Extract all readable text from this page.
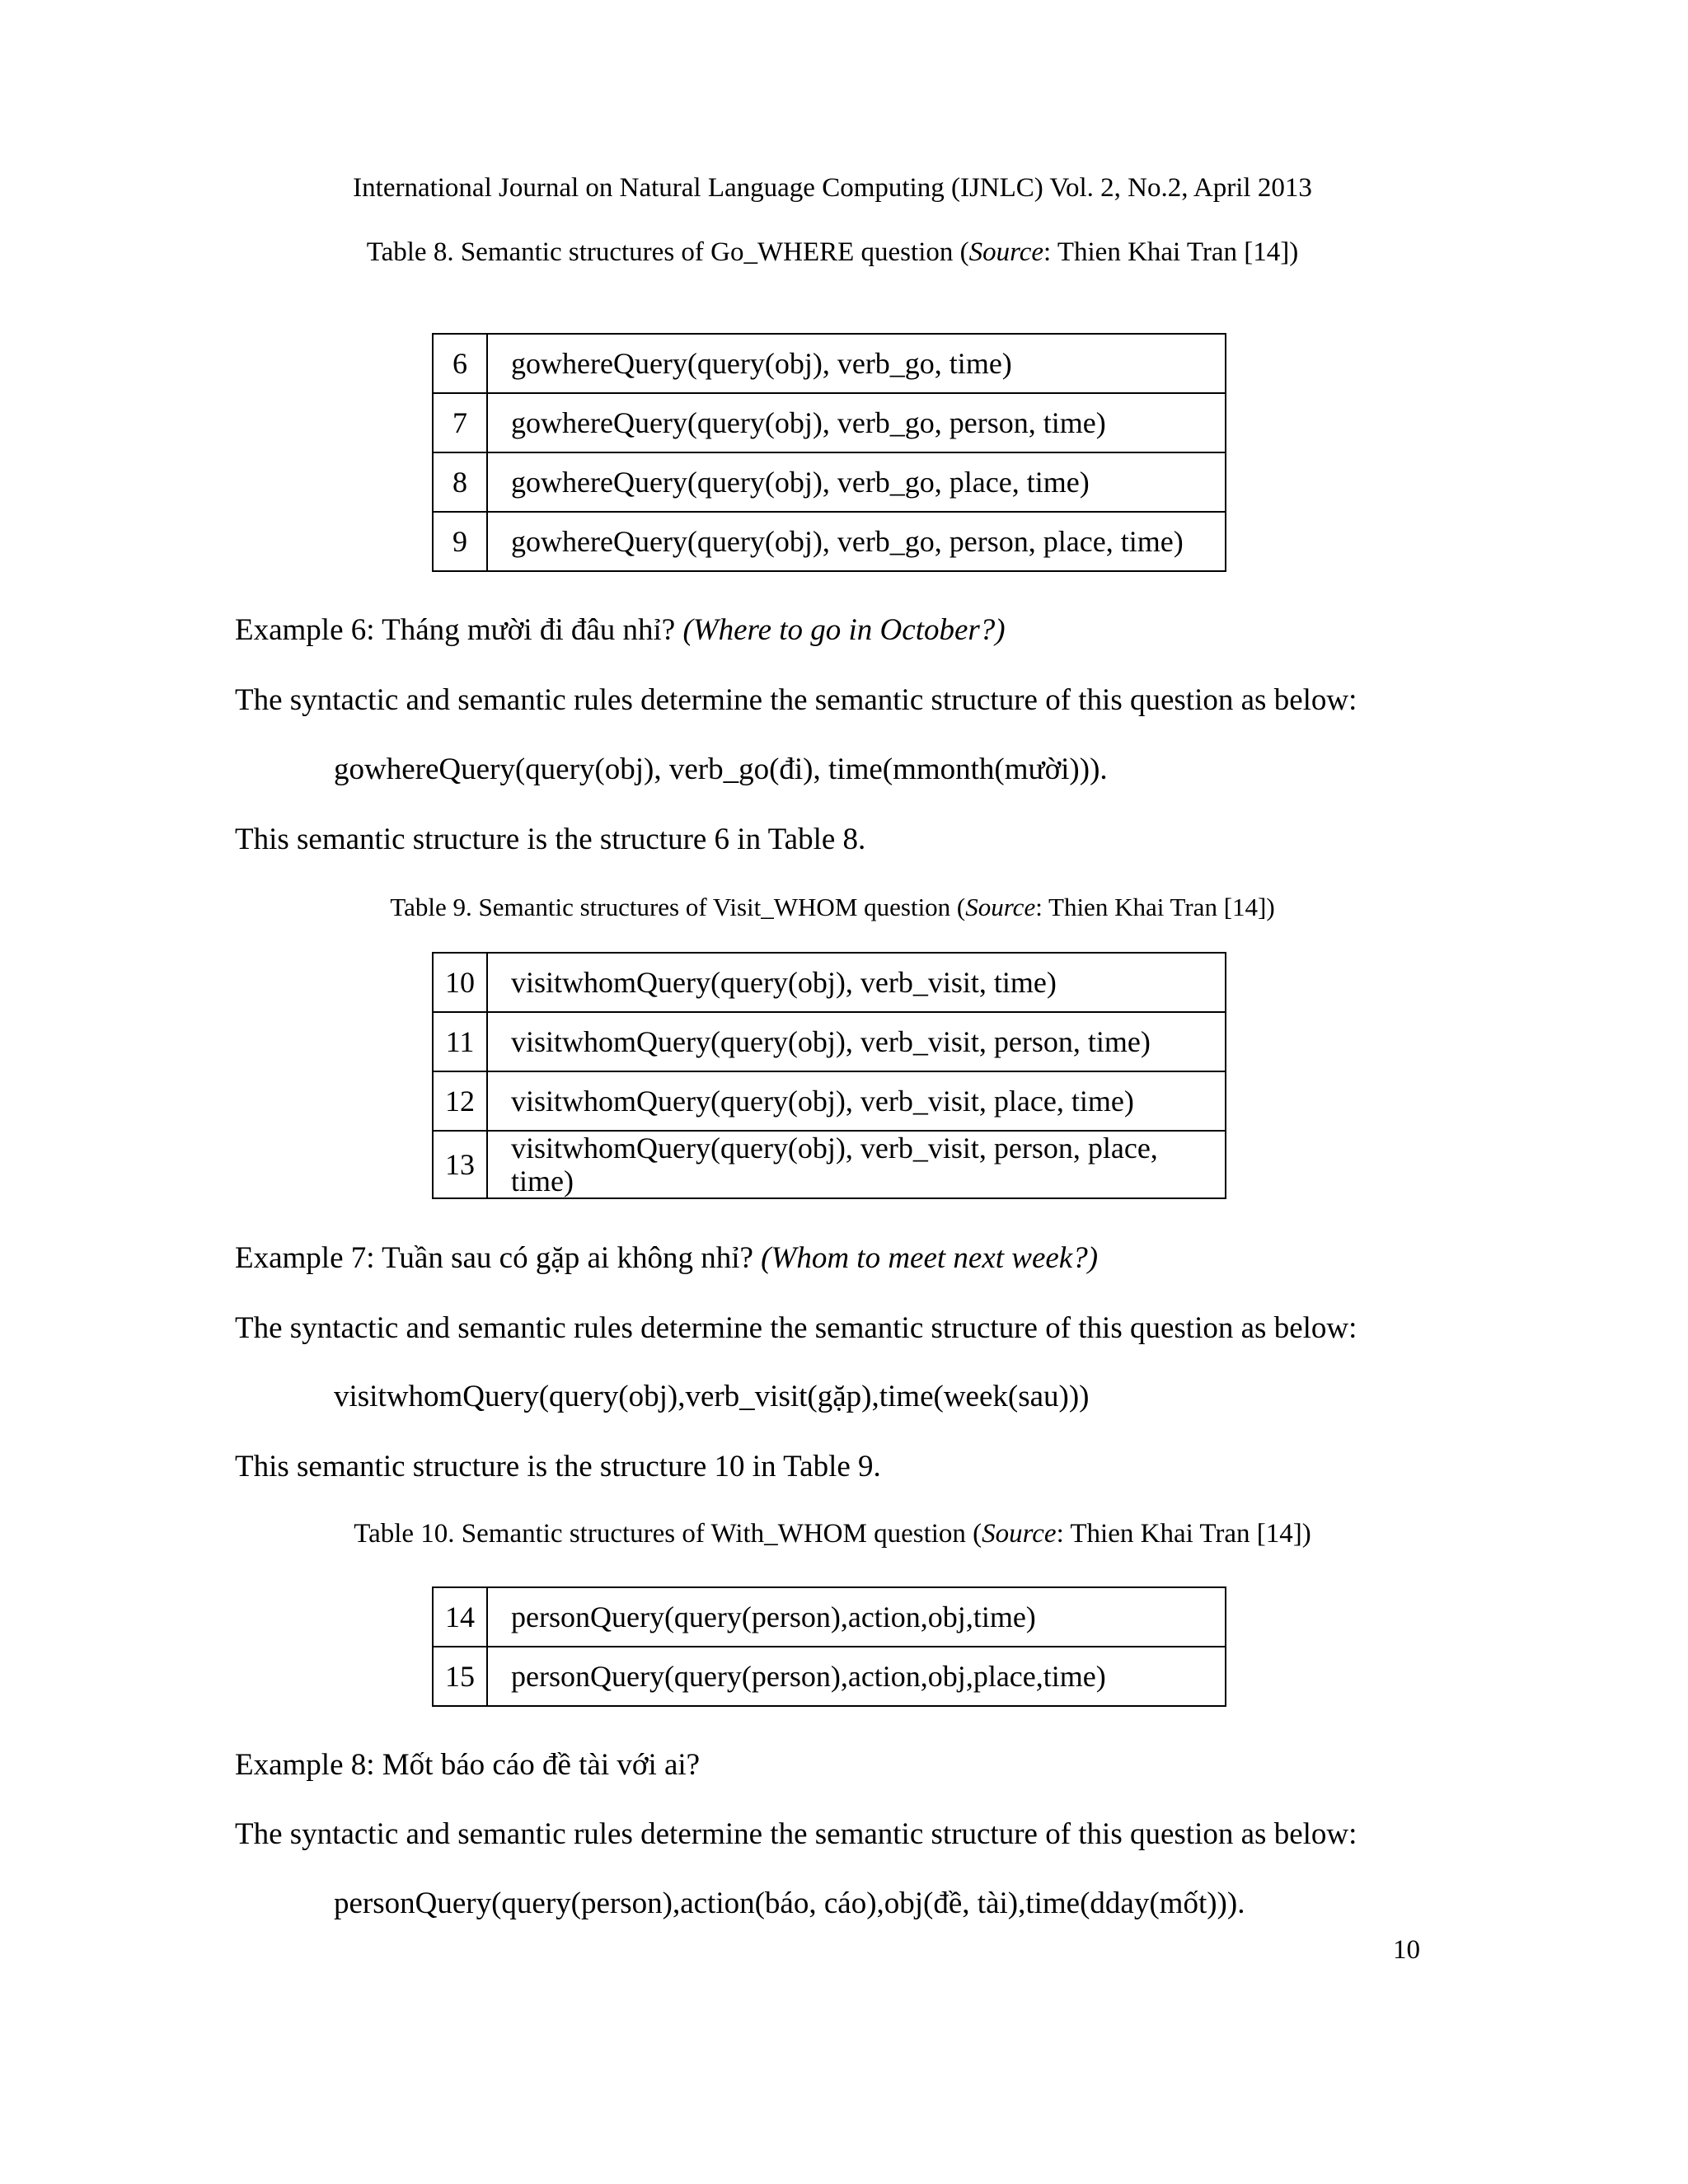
International Journal on Natural Language Computing (IJNLC) Vol. 2, No.2, April 2013
Table 8. Semantic structures of Go_WHERE question (Source: Thien Khai Tran [14])
6	gowhereQuery(query(obj), verb_go, time)
7	gowhereQuery(query(obj), verb_go, person, time)
8	gowhereQuery(query(obj), verb_go, place, time)
9	gowhereQuery(query(obj), verb_go, person, place, time)
Example 6: Tháng mười đi đâu nhỉ? (Where to go in October?)
The syntactic and semantic rules determine the semantic structure of this question as below:
gowhereQuery(query(obj), verb_go(đi), time(mmonth(mười))).
This semantic structure is the structure 6 in Table 8.
Table 9. Semantic structures of Visit_WHOM question (Source: Thien Khai Tran [14])
10	visitwhomQuery(query(obj), verb_visit, time)
11	visitwhomQuery(query(obj), verb_visit, person, time)
12	visitwhomQuery(query(obj), verb_visit, place, time)
13	visitwhomQuery(query(obj), verb_visit, person, place, time)
Example 7: Tuần sau có gặp ai không nhỉ? (Whom to meet next week?)
The syntactic and semantic rules determine the semantic structure of this question as below:
visitwhomQuery(query(obj),verb_visit(gặp),time(week(sau)))
This semantic structure is the structure 10 in Table 9.
Table 10. Semantic structures of With_WHOM question (Source: Thien Khai Tran [14])
14	personQuery(query(person),action,obj,time)
15	personQuery(query(person),action,obj,place,time)
Example 8: Mốt báo cáo đề tài với ai?
The syntactic and semantic rules determine the semantic structure of this question as below:
personQuery(query(person),action(báo, cáo),obj(đề, tài),time(dday(mốt))).
10
